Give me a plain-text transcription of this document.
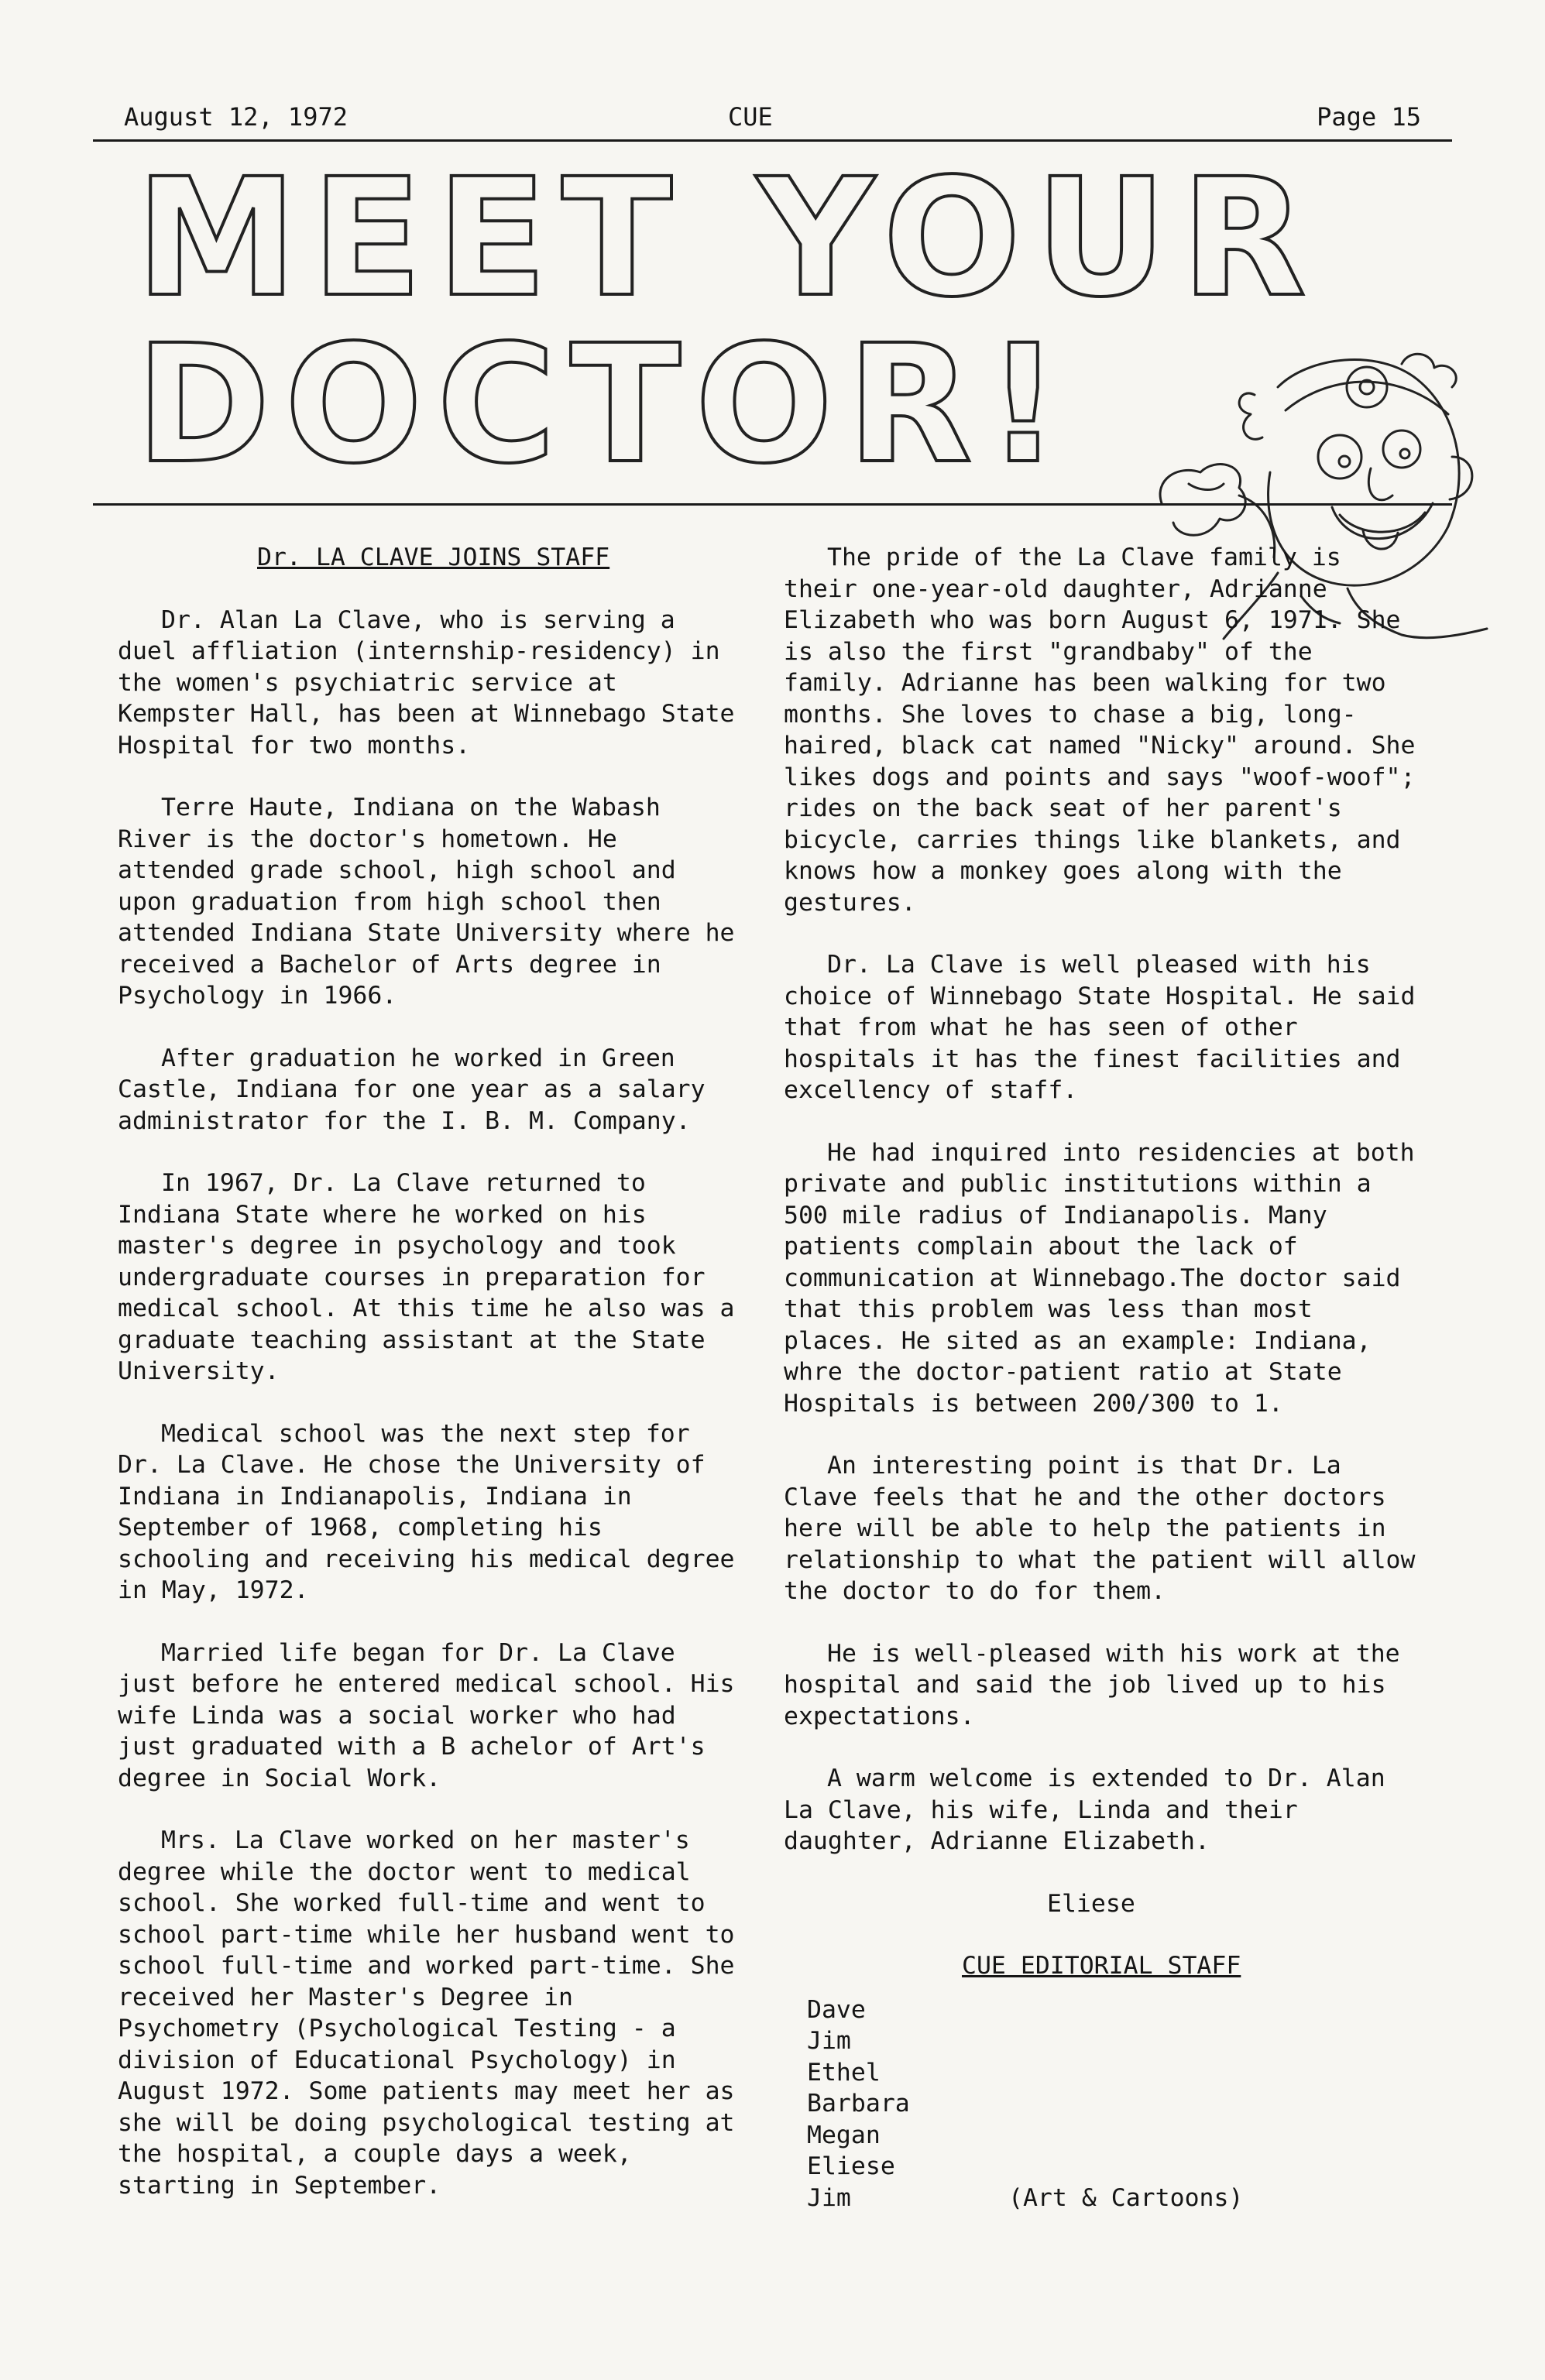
August 12, 1972	CUE	Page 15
MEET YOUR
DOCTOR!
Dr. LA CLAVE JOINS STAFF

Dr. Alan La Clave, who is serving a duel affliation (internship-residency) in the women's psychiatric service at Kempster Hall, has been at Winnebago State Hospital for two months.

Terre Haute, Indiana on the Wabash River is the doctor's hometown. He attended grade school, high school and upon graduation from high school then attended Indiana State University where he received a Bachelor of Arts degree in Psychology in 1966.

After graduation he worked in Green Castle, Indiana for one year as a salary administrator for the I. B. M. Company.

In 1967, Dr. La Clave returned to Indiana State where he worked on his master's degree in psychology and took undergraduate courses in preparation for medical school. At this time he also was a graduate teaching assistant at the State University.

Medical school was the next step for Dr. La Clave. He chose the University of Indiana in Indianapolis, Indiana in September of 1968, completing his schooling and receiving his medical degree in May, 1972.

Married life began for Dr. La Clave just before he entered medical school. His wife Linda was a social worker who had just graduated with a B achelor of Art's degree in Social Work.

Mrs. La Clave worked on her master's degree while the doctor went to medical school. She worked full-time and went to school part-time while her husband went to school full-time and worked part-time. She received her Master's Degree in Psychometry (Psychological Testing - a division of Educational Psychology) in August 1972. Some patients may meet her as she will be doing psychological testing at the hospital, a couple days a week, starting in September.

The pride of the La Clave family is their one-year-old daughter, Adrianne Elizabeth who was born August 6, 1971. She is also the first "grandbaby" of the family. Adrianne has been walking for two months. She loves to chase a big, long-haired, black cat named "Nicky" around. She likes dogs and points and says "woof-woof"; rides on the back seat of her parent's bicycle, carries things like blankets, and knows how a monkey goes along with the gestures.

Dr. La Clave is well pleased with his choice of Winnebago State Hospital. He said that from what he has seen of other hospitals it has the finest facilities and excellency of staff.

He had inquired into residencies at both private and public institutions within a 500 mile radius of Indianapolis. Many patients complain about the lack of communication at Winnebago.The doctor said that this problem was less than most places. He sited as an example: Indiana, whre the doctor-patient ratio at State Hospitals is between 200/300 to 1.

An interesting point is that Dr. La Clave feels that he and the other doctors here will be able to help the patients in relationship to what the patient will allow the doctor to do for them.

He is well-pleased with his work at the hospital and said the job lived up to his expectations.

A warm welcome is extended to Dr. Alan La Clave, his wife, Linda and their daughter, Adrianne Elizabeth.

Eliese
CUE EDITORIAL STAFF
Dave
Jim
Ethel
Barbara
Megan
Eliese
Jim	(Art & Cartoons)
